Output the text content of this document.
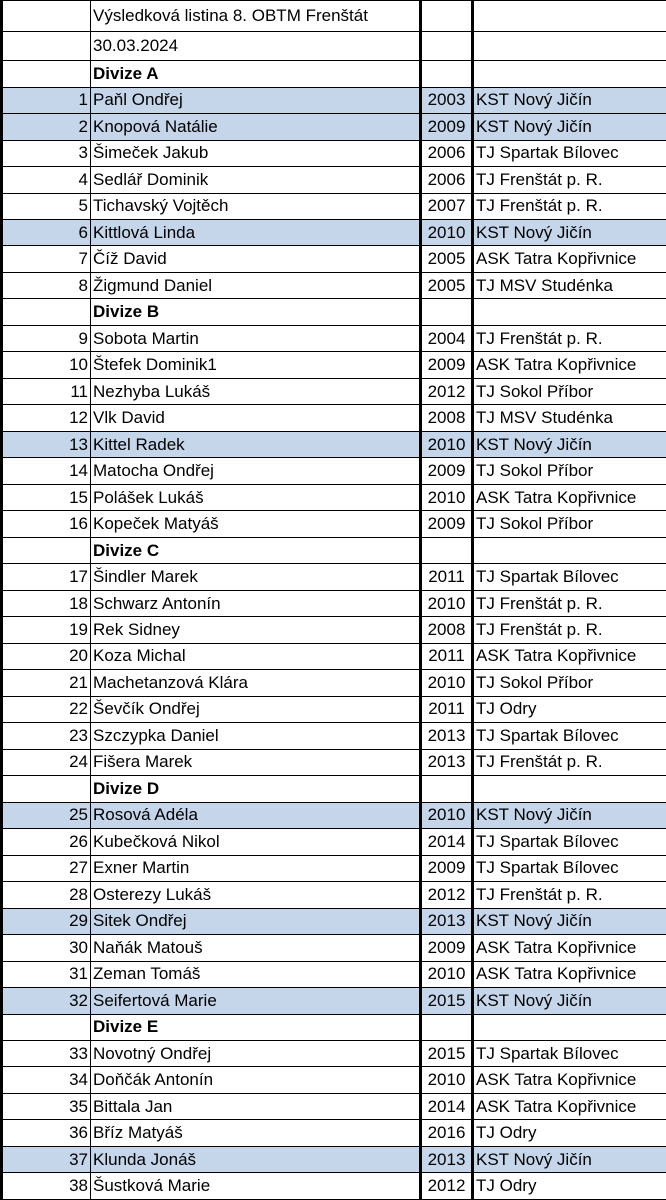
	Výsledková listina 8. OBTM Frenštát		
	30.03.2024		
	Divize A		
1	Paňl Ondřej	2003	KST Nový Jičín
2	Knopová Natálie	2009	KST Nový Jičín
3	Šimeček Jakub	2006	TJ Spartak Bílovec
4	Sedlář Dominik	2006	TJ Frenštát p. R.
5	Tichavský Vojtěch	2007	TJ Frenštát p. R.
6	Kittlová Linda	2010	KST Nový Jičín
7	Číž David	2005	ASK Tatra Kopřivnice
8	Žigmund Daniel	2005	TJ MSV Studénka
	Divize B		
9	Sobota Martin	2004	TJ Frenštát p. R.
10	Štefek Dominik1	2009	ASK Tatra Kopřivnice
11	Nezhyba Lukáš	2012	TJ Sokol Příbor
12	Vlk David	2008	TJ MSV Studénka
13	Kittel Radek	2010	KST Nový Jičín
14	Matocha Ondřej	2009	TJ Sokol Příbor
15	Polášek Lukáš	2010	ASK Tatra Kopřivnice
16	Kopeček Matyáš	2009	TJ Sokol Příbor
	Divize C		
17	Šindler Marek	2011	TJ Spartak Bílovec
18	Schwarz Antonín	2010	TJ Frenštát p. R.
19	Rek Sidney	2008	TJ Frenštát p. R.
20	Koza Michal	2011	ASK Tatra Kopřivnice
21	Machetanzová Klára	2010	TJ Sokol Příbor
22	Ševčík Ondřej	2011	TJ Odry
23	Szczypka Daniel	2013	TJ Spartak Bílovec
24	Fišera Marek	2013	TJ Frenštát p. R.
	Divize D		
25	Rosová Adéla	2010	KST Nový Jičín
26	Kubečková Nikol	2014	TJ Spartak Bílovec
27	Exner Martin	2009	TJ Spartak Bílovec
28	Osterezy Lukáš	2012	TJ Frenštát p. R.
29	Sitek Ondřej	2013	KST Nový Jičín
30	Naňák Matouš	2009	ASK Tatra Kopřivnice
31	Zeman Tomáš	2010	ASK Tatra Kopřivnice
32	Seifertová Marie	2015	KST Nový Jičín
	Divize E		
33	Novotný Ondřej	2015	TJ Spartak Bílovec
34	Doňčák Antonín	2010	ASK Tatra Kopřivnice
35	Bittala Jan	2014	ASK Tatra Kopřivnice
36	Bříz Matyáš	2016	TJ Odry
37	Klunda Jonáš	2013	KST Nový Jičín
38	Šustková Marie	2012	TJ Odry
